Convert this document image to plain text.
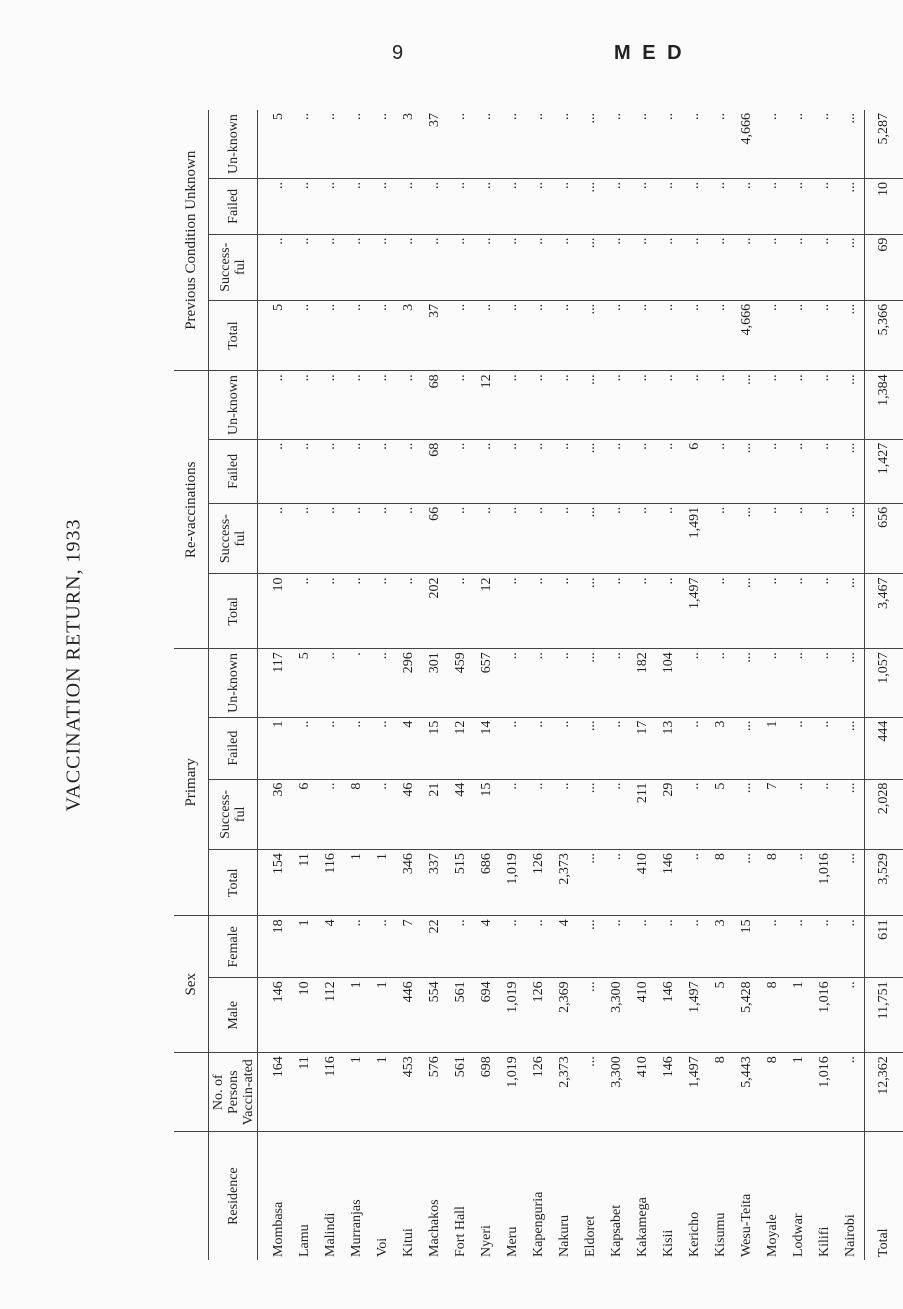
9	M E D
VACCINATION RETURN, 1933
		Sex		Primary				Re-vaccinations				Previous Condition Unknown			
Residence	No. of Persons Vaccin-ated	Male	Female	Total	Success-ful	Failed	Un-known	Total	Success-ful	Failed	Un-known	Total	Success-ful	Failed	Un-known
Mombasa	164	146	18	154	36	1	117	10	..	..	..	5	..	..	5
Lamu	11	10	1	11	6	..	5	..	..	..	..	..	..	..	..
Malindi	116	112	4	116	..	..	..	..	..	..	..	..	..	..	..
Murranjas	1	1	..	1	8	..	.	..	..	..	..	..	..	..	..
Voi	1	1	..	1	..	..	..	..	..	..	..	..	..	..	..
Kitui	453	446	7	346	46	4	296	..	..	..	..	3	..	..	3
Machakos	576	554	22	337	21	15	301	202	66	68	68	37	..	..	37
Fort Hall	561	561	..	515	44	12	459	..	..	..	..	..	..	..	..
Nyeri	698	694	4	686	15	14	657	12	..	..	12	..	..	..	..
Meru	1,019	1,019	..	1,019	..	..	..	..	..	..	..	..	..	..	..
Kapenguria	126	126	..	126	..	..	..	..	..	..	..	..	..	..	..
Nakuru	2,373	2,369	4	2,373	..	..	..	..	..	..	..	..	..	..	..
Eldoret	...	...	...	...	...	...	...	...	...	...	...	...	...	...	...
Kapsabet	3,300	3,300	..	..	..	..	..	..	..	..	..	..	..	..	..
Kakamega	410	410	..	410	211	17	182	..	..	..	..	..	..	..	..
Kisii	146	146	..	146	29	13	104	..	..	..	..	..	..	..	..
Kericho	1,497	1,497	..	..	..	..	..	1,497	1,491	6	..	..	..	..	..
Kisumu	8	5	3	8	5	3	..	..	..	..	..	..	..	..	..
Wesu-Teita	5,443	5,428	15	...	...	...	...	...	...	...	...	4,666	..	..	4,666
Moyale	8	8	..	8	7	1	..	..	..	..	..	..	..	..	..
Lodwar	1	1	..	..	..	..	..	..	..	..	..	..	..	..	..
Kilifi	1,016	1,016	..	1,016	..	..	..	..	..	..	..	..	..	..	..
Nairobi	..	..	..	...	...	...	...	...	...	...	...	...	...	...	...
Total	12,362	11,751	611	3,529	2,028	444	1,057	3,467	656	1,427	1,384	5,366	69	10	5,287
